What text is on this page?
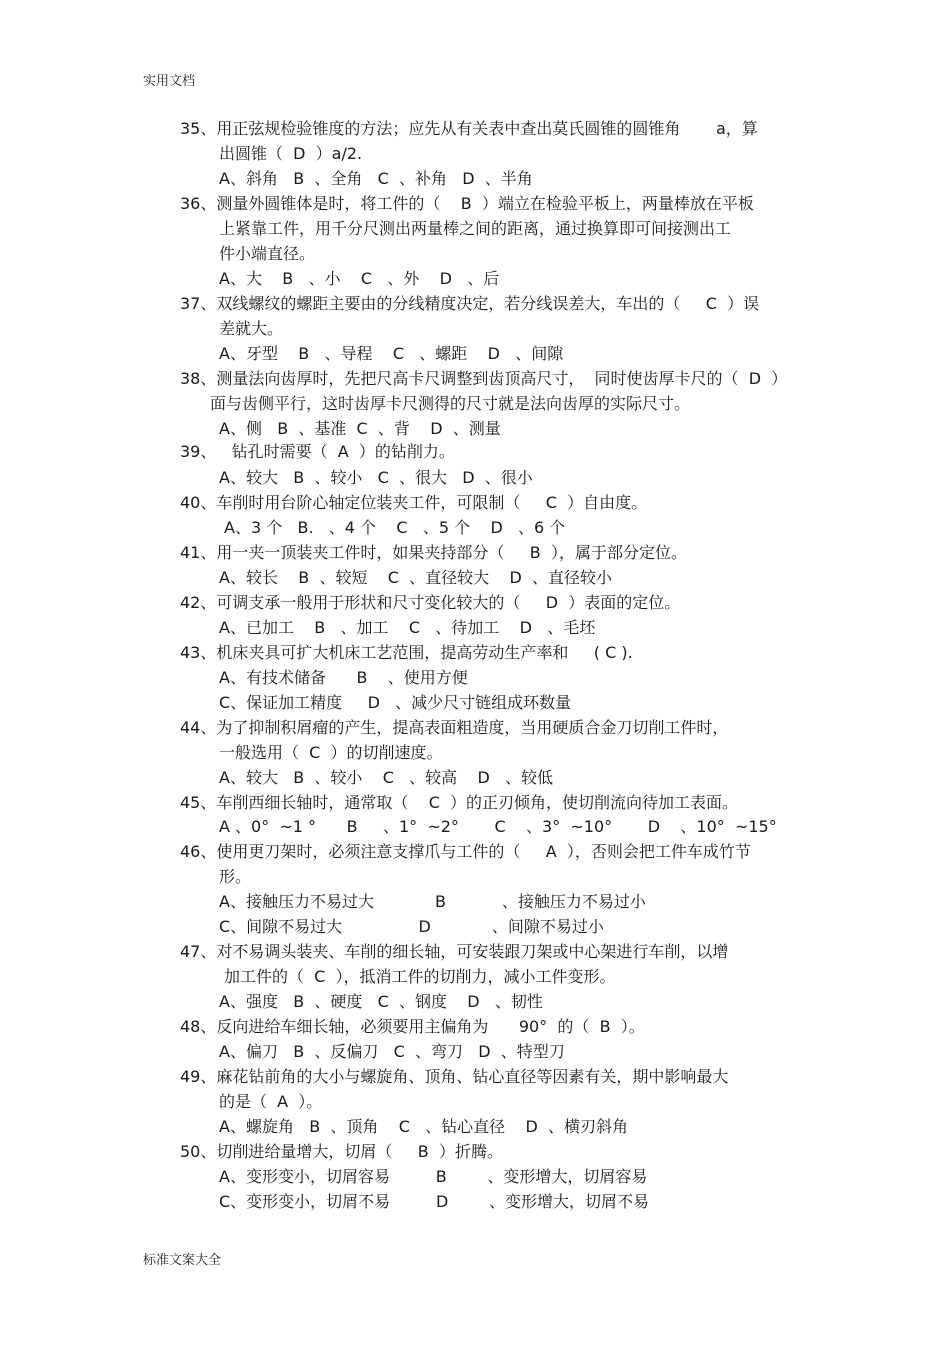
实用文档
35、用正弦规检验锥度的方法；应先从有关表中查出莫氏圆锥的圆锥角       a，算
出圆锥（  D  ）a/2.
A、斜角   B  、全角   C  、补角   D  、半角
36、测量外圆锥体是时，将工件的（    B  ）端立在检验平板上，两量棒放在平板
上紧靠工件，用千分尺测出两量棒之间的距离，通过换算即可间接测出工
件小端直径。
A、大    B   、小    C   、外    D   、后
37、双线螺纹的螺距主要由的分线精度决定，若分线误差大，车出的（     C  ）误
差就大。
A、牙型    B   、导程    C   、螺距    D   、间隙
38、测量法向齿厚时，先把尺高卡尺调整到齿顶高尺寸，  同时使齿厚卡尺的（  D  ）
面与齿侧平行，这时齿厚卡尺测得的尺寸就是法向齿厚的实际尺寸。
A、侧   B  、基准  C  、背    D  、测量
39、   钻孔时需要（  A  ）的钻削力。
A、较大   B  、较小   C  、很大   D  、很小
40、车削时用台阶心轴定位装夹工件，可限制（     C  ）自由度。
A、3 个   B.   、4 个    C   、5 个    D   、6 个
41、用一夹一顶装夹工件时，如果夹持部分（     B  ），属于部分定位。
A、较长    B  、较短    C  、直径较大    D  、直径较小
42、可调支承一般用于形状和尺寸变化较大的（     D  ）表面的定位。
A、已加工    B   、加工    C   、待加工    D   、毛坯
43、机床夹具可扩大机床工艺范围，提高劳动生产率和     ( C ).
A、有技术储备      B    、使用方便
C、保证加工精度     D   、减少尺寸链组成环数量
44、为了抑制积屑瘤的产生，提高表面粗造度，当用硬质合金刀切削工件时，
一般选用（  C  ）的切削速度。
A、较大   B  、较小    C   、较高    D   、较低
45、车削西细长轴时，通常取（    C  ）的正刃倾角，使切削流向待加工表面。
A 、0°  ~1 °      B     、1°  ~2°       C    、3°  ~10°       D    、10°  ~15°
46、使用更刀架时，必须注意支撑爪与工件的（     A  ），否则会把工件车成竹节
形。
A、接触压力不易过大            B           、接触压力不易过小
C、间隙不易过大               D            、间隙不易过小
47、对不易调头装夹、车削的细长轴，可安装跟刀架或中心架进行车削，以增
加工件的（  C  ），抵消工件的切削力，减小工件变形。
A、强度   B  、硬度   C  、钢度    D   、韧性
48、反向进给车细长轴，必须要用主偏角为      90°  的（  B  ）。
A、偏刀   B  、反偏刀   C  、弯刀   D  、特型刀
49、麻花钻前角的大小与螺旋角、顶角、钻心直径等因素有关，期中影响最大
的是（  A  ）。
A、螺旋角   B  、顶角    C   、钻心直径    D  、横刃斜角
50、切削进给量增大，切屑（     B  ）折腾。
A、变形变小，切屑容易         B        、变形增大，切屑容易
C、变形变小，切屑不易         D        、变形增大，切屑不易
标准文案大全
